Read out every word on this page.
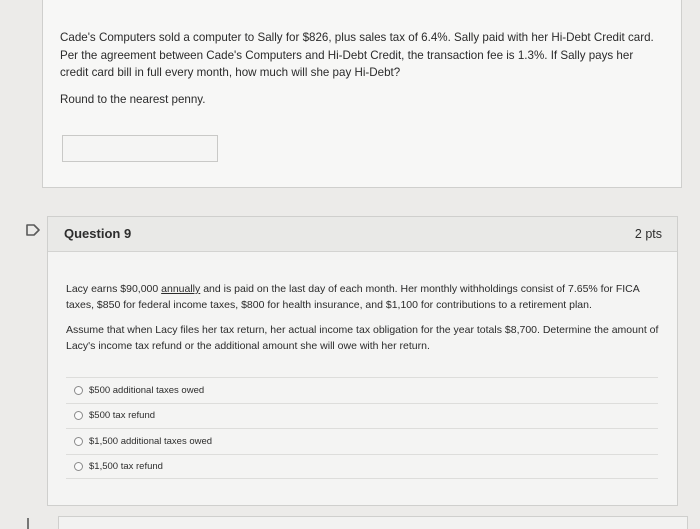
Cade's Computers sold a computer to Sally for $826, plus sales tax of 6.4%. Sally paid with her Hi-Debt Credit card. Per the agreement between Cade's Computers and Hi-Debt Credit, the transaction fee is 1.3%. If Sally pays her credit card bill in full every month, how much will she pay Hi-Debt?
Round to the nearest penny.
Question 9	2 pts
Lacy earns $90,000 annually and is paid on the last day of each month. Her monthly withholdings consist of 7.65% for FICA taxes, $850 for federal income taxes, $800 for health insurance, and $1,100 for contributions to a retirement plan.
Assume that when Lacy files her tax return, her actual income tax obligation for the year totals $8,700. Determine the amount of Lacy's income tax refund or the additional amount she will owe with her return.
$500 additional taxes owed
$500 tax refund
$1,500 additional taxes owed
$1,500 tax refund
